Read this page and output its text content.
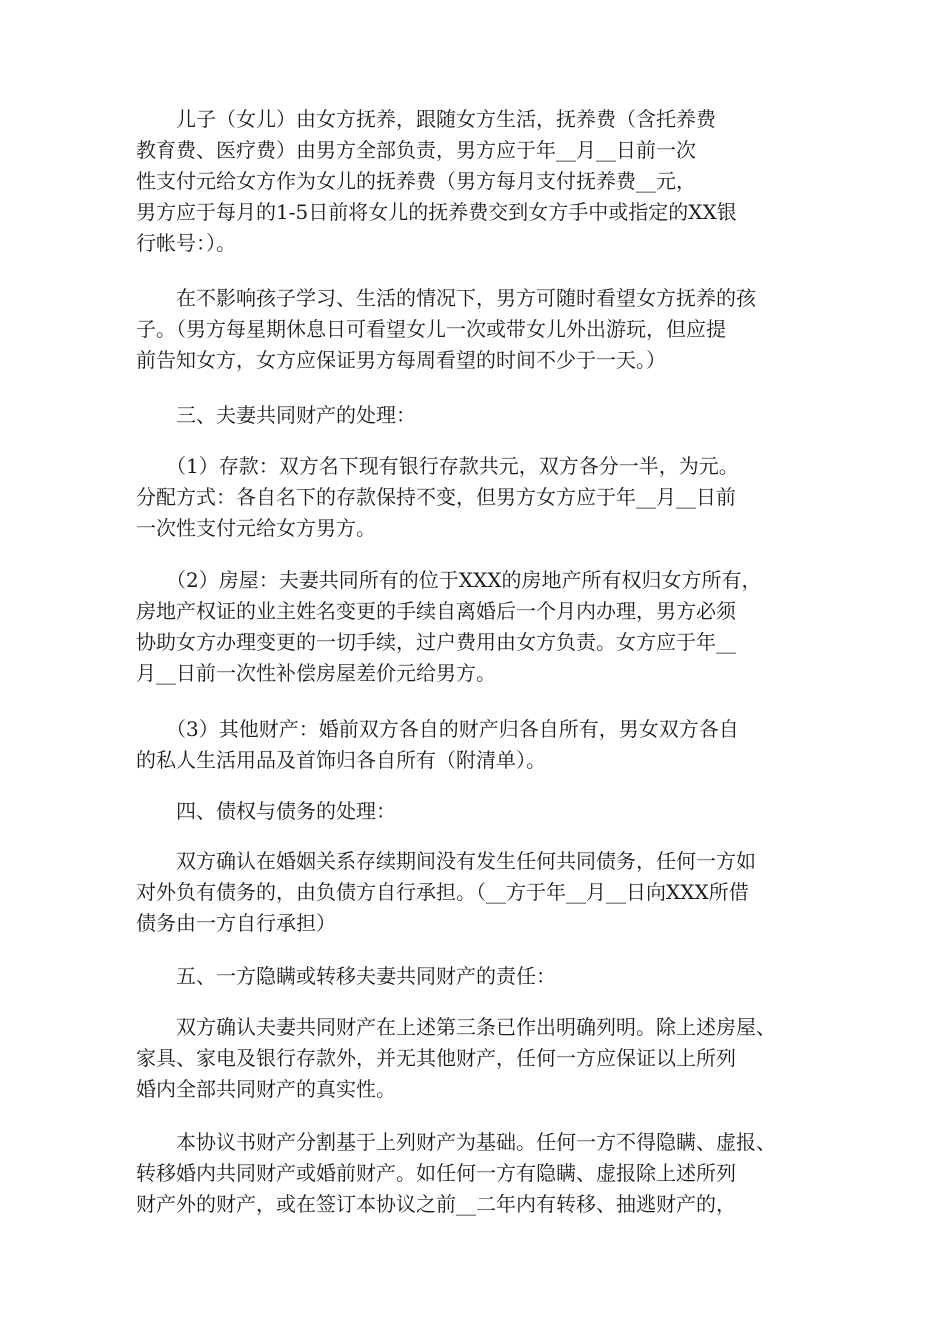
　　儿子（女儿）由女方抚养，跟随女方生活，抚养费（含托养费
教育费、医疗费）由男方全部负责，男方应于年__月__日前一次
性支付元给女方作为女儿的抚养费（男方每月支付抚养费__元，
男方应于每月的1-5日前将女儿的抚养费交到女方手中或指定的XX银
行帐号：）。
　　在不影响孩子学习、生活的情况下，男方可随时看望女方抚养的孩
子。（男方每星期休息日可看望女儿一次或带女儿外出游玩，但应提
前告知女方，女方应保证男方每周看望的时间不少于一天。）
　　三、夫妻共同财产的处理：
　　（1）存款：双方名下现有银行存款共元，双方各分一半，为元。
分配方式：各自名下的存款保持不变，但男方女方应于年__月__日前
一次性支付元给女方男方。
　　（2）房屋：夫妻共同所有的位于XXX的房地产所有权归女方所有，
房地产权证的业主姓名变更的手续自离婚后一个月内办理，男方必须
协助女方办理变更的一切手续，过户费用由女方负责。女方应于年__
月__日前一次性补偿房屋差价元给男方。
　　（3）其他财产：婚前双方各自的财产归各自所有，男女双方各自
的私人生活用品及首饰归各自所有（附清单）。
　　四、债权与债务的处理：
　　双方确认在婚姻关系存续期间没有发生任何共同债务，任何一方如
对外负有债务的，由负债方自行承担。（__方于年__月__日向XXX所借
债务由一方自行承担）
　　五、一方隐瞒或转移夫妻共同财产的责任：
　　双方确认夫妻共同财产在上述第三条已作出明确列明。除上述房屋、
家具、家电及银行存款外，并无其他财产，任何一方应保证以上所列
婚内全部共同财产的真实性。
　　本协议书财产分割基于上列财产为基础。任何一方不得隐瞒、虚报、
转移婚内共同财产或婚前财产。如任何一方有隐瞒、虚报除上述所列
财产外的财产，或在签订本协议之前__二年内有转移、抽逃财产的，
